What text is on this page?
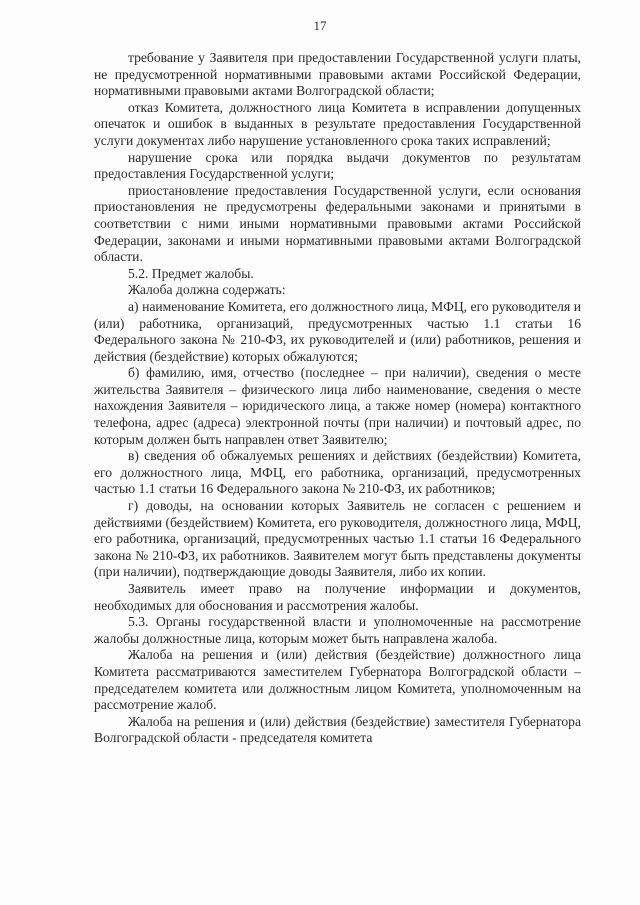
17

требование у Заявителя при предоставлении Государственной услуги платы, не предусмотренной нормативными правовыми актами Российской Федерации, нормативными правовыми актами Волгоградской области;

отказ Комитета, должностного лица Комитета в исправлении допущенных опечаток и ошибок в выданных в результате предоставления Государственной услуги документах либо нарушение установленного срока таких исправлений;

нарушение срока или порядка выдачи документов по результатам предоставления Государственной услуги;

приостановление предоставления Государственной услуги, если основания приостановления не предусмотрены федеральными законами и принятыми в соответствии с ними иными нормативными правовыми актами Российской Федерации, законами и иными нормативными правовыми актами Волгоградской области.

5.2. Предмет жалобы.

Жалоба должна содержать:

а) наименование Комитета, его должностного лица, МФЦ, его руководителя и (или) работника, организаций, предусмотренных частью 1.1 статьи 16 Федерального закона № 210-ФЗ, их руководителей и (или) работников, решения и действия (бездействие) которых обжалуются;

б) фамилию, имя, отчество (последнее – при наличии), сведения о месте жительства Заявителя – физического лица либо наименование, сведения о месте нахождения Заявителя – юридического лица, а также номер (номера) контактного телефона, адрес (адреса) электронной почты (при наличии) и почтовый адрес, по которым должен быть направлен ответ Заявителю;

в) сведения об обжалуемых решениях и действиях (бездействии) Комитета, его должностного лица, МФЦ, его работника, организаций, предусмотренных частью 1.1 статьи 16 Федерального закона № 210-ФЗ, их работников;

г) доводы, на основании которых Заявитель не согласен с решением и действиями (бездействием) Комитета, его руководителя, должностного лица, МФЦ, его работника, организаций, предусмотренных частью 1.1 статьи 16 Федерального закона № 210-ФЗ, их работников. Заявителем могут быть представлены документы (при наличии), подтверждающие доводы Заявителя, либо их копии.

Заявитель имеет право на получение информации и документов, необходимых для обоснования и рассмотрения жалобы.

5.3. Органы государственной власти и уполномоченные на рассмотрение жалобы должностные лица, которым может быть направлена жалоба.

Жалоба на решения и (или) действия (бездействие) должностного лица Комитета рассматриваются заместителем Губернатора Волгоградской области – председателем комитета или должностным лицом Комитета, уполномоченным на рассмотрение жалоб.

Жалоба на решения и (или) действия (бездействие) заместителя Губернатора Волгоградской области - председателя комитета
